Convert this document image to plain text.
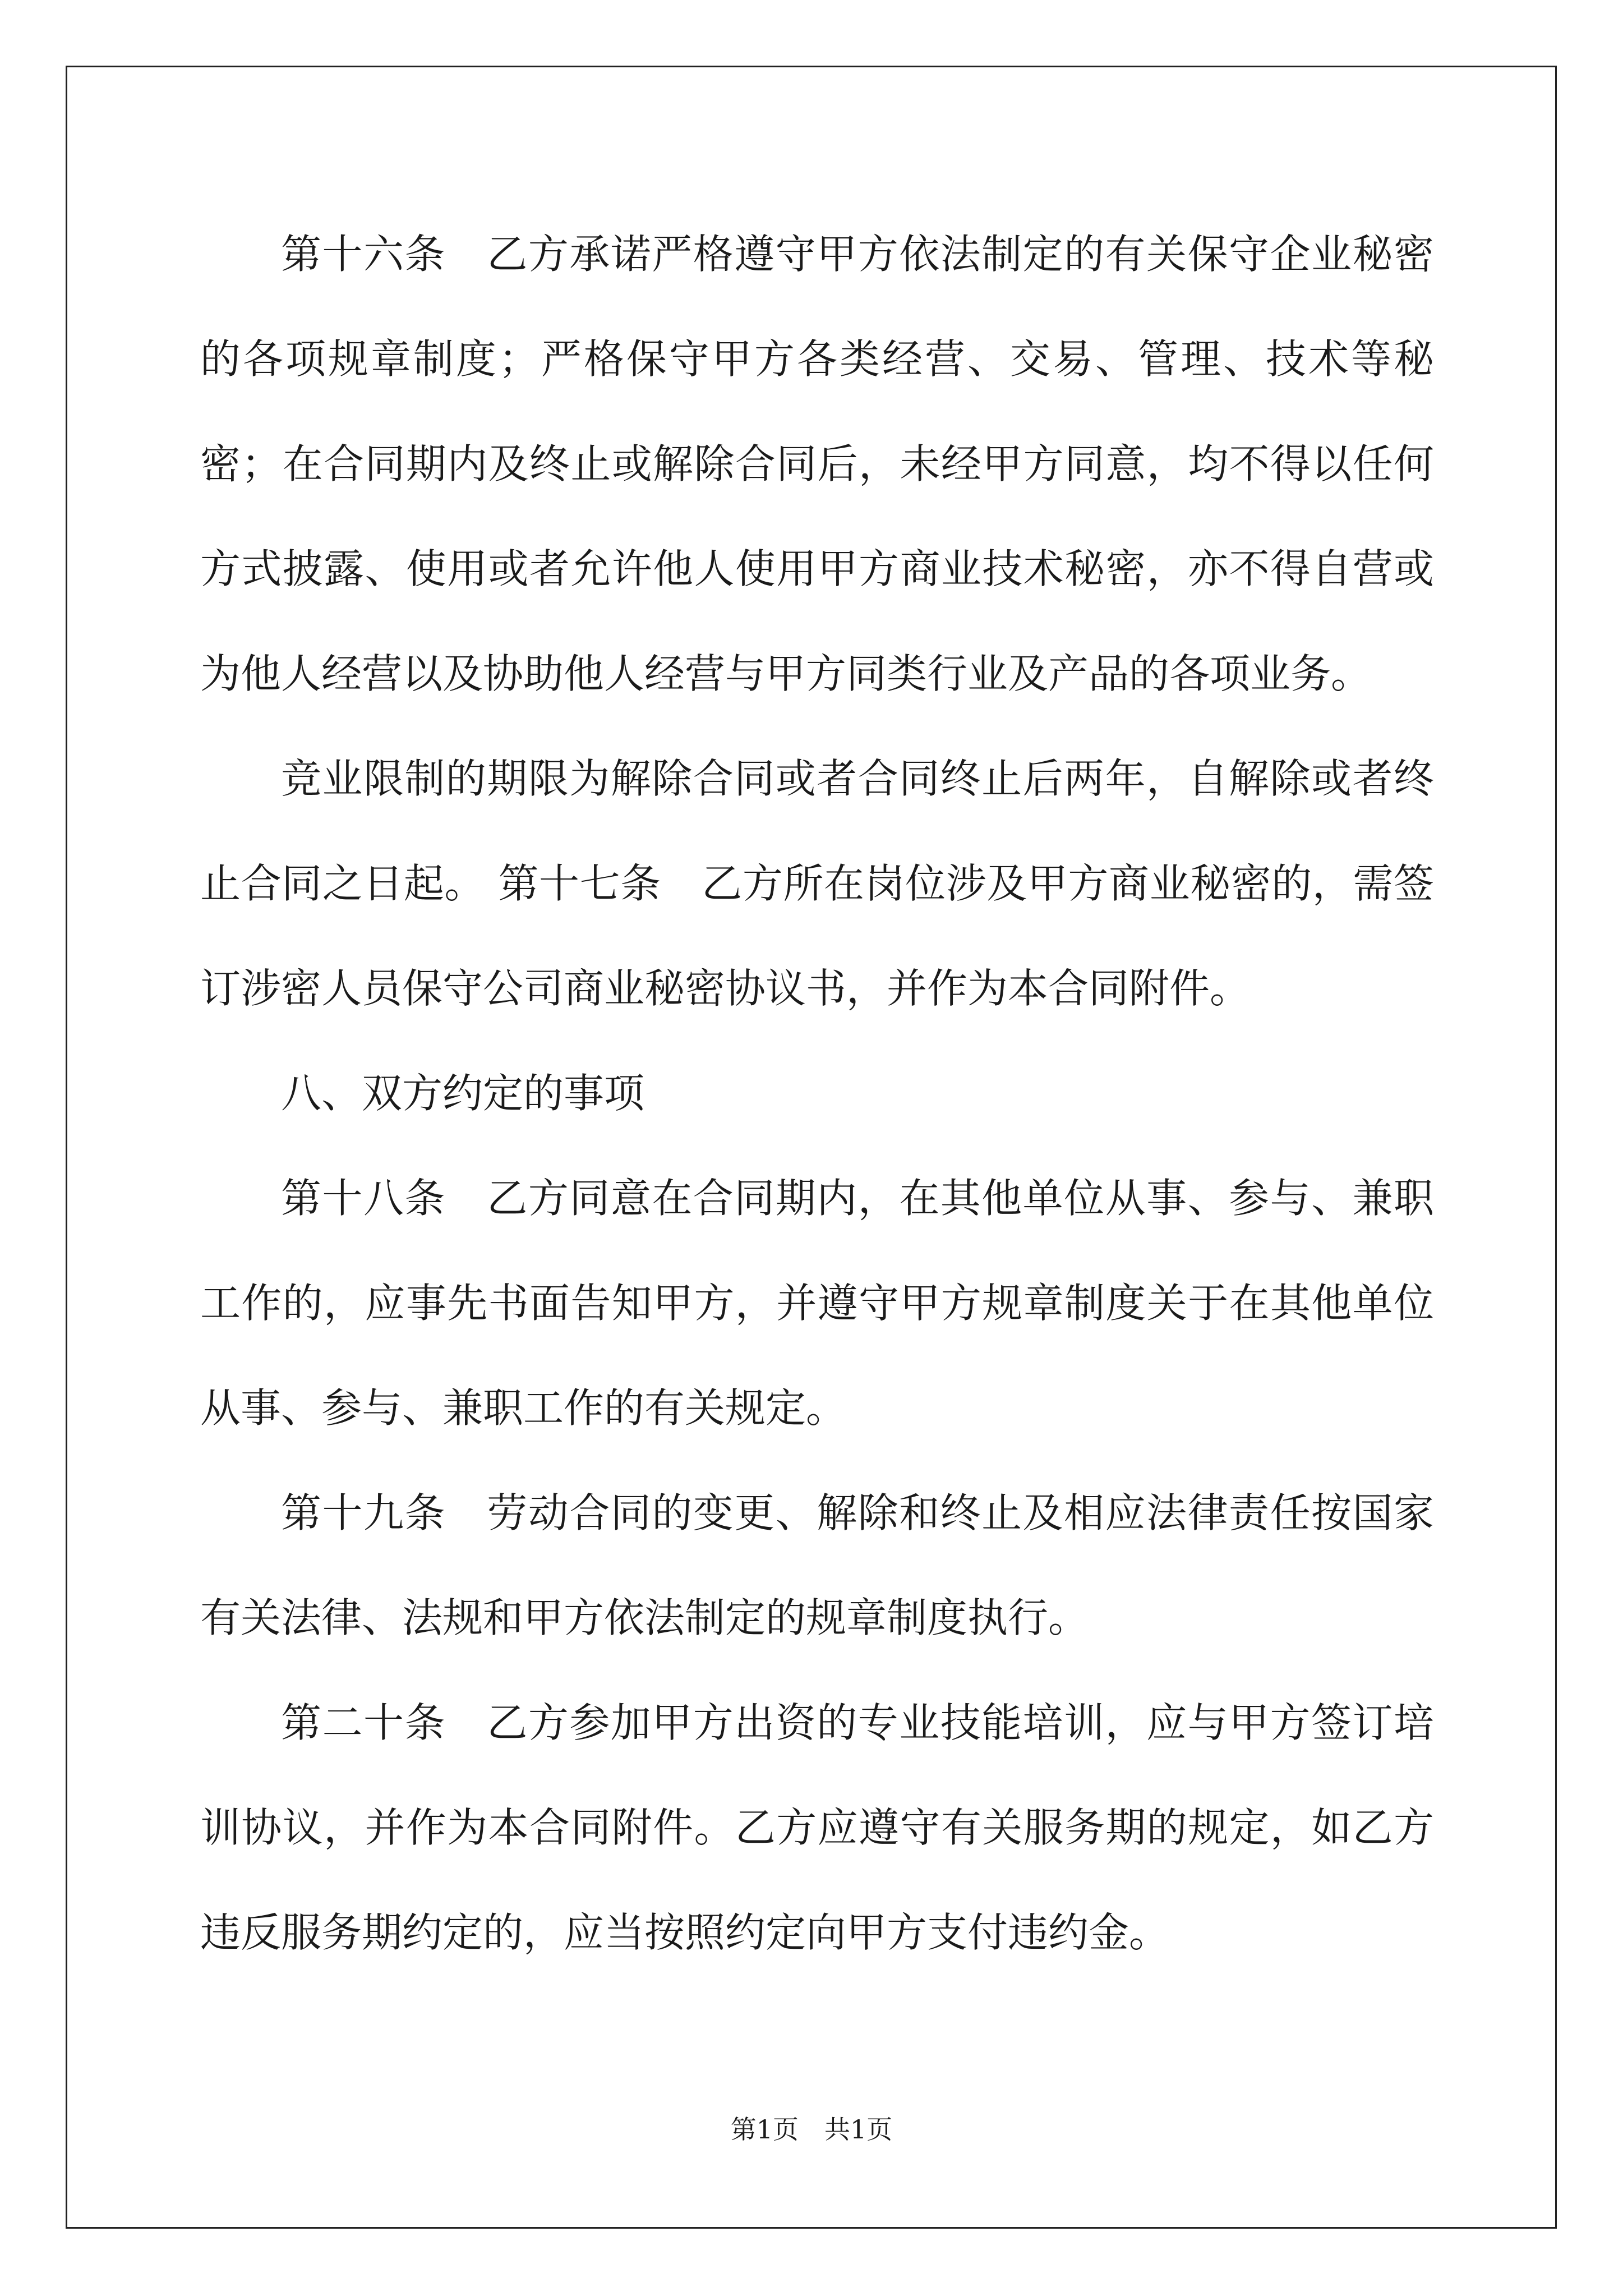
第十六条　乙方承诺严格遵守甲方依法制定的有关保守企业秘密的各项规章制度；严格保守甲方各类经营、交易、管理、技术等秘密；在合同期内及终止或解除合同后，未经甲方同意，均不得以任何方式披露、使用或者允许他人使用甲方商业技术秘密，亦不得自营或为他人经营以及协助他人经营与甲方同类行业及产品的各项业务。

竞业限制的期限为解除合同或者合同终止后两年，自解除或者终止合同之日起。 第十七条　乙方所在岗位涉及甲方商业秘密的，需签订涉密人员保守公司商业秘密协议书，并作为本合同附件。

八、双方约定的事项

第十八条　乙方同意在合同期内，在其他单位从事、参与、兼职工作的，应事先书面告知甲方，并遵守甲方规章制度关于在其他单位从事、参与、兼职工作的有关规定。

第十九条　劳动合同的变更、解除和终止及相应法律责任按国家有关法律、法规和甲方依法制定的规章制度执行。

第二十条　乙方参加甲方出资的专业技能培训，应与甲方签订培训协议，并作为本合同附件。乙方应遵守有关服务期的规定，如乙方违反服务期约定的，应当按照约定向甲方支付违约金。

第1页　共1页
